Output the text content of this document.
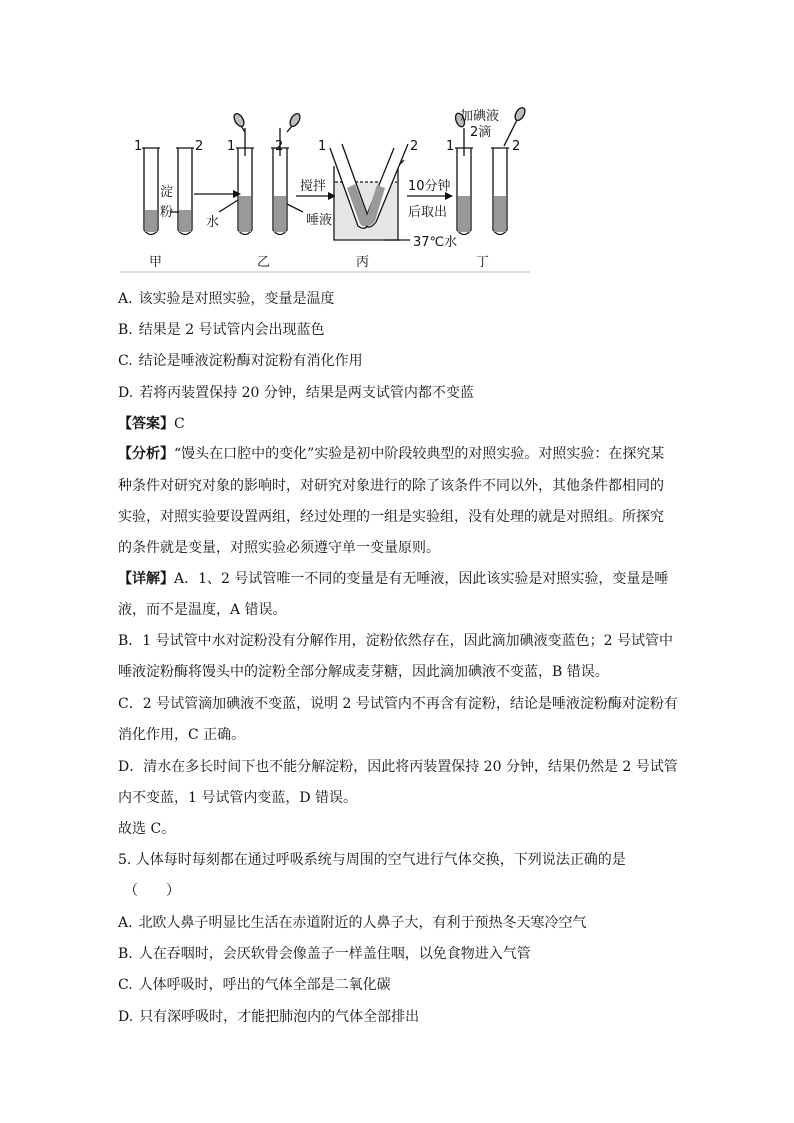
1	2
淀
粉
甲
1	2
水	唾液
乙
搅拌
1	2
37℃水
丙
10分钟
后取出
1	2
加碘液
2滴
丁
A. 该实验是对照实验，变量是温度
B. 结果是 2 号试管内会出现蓝色
C. 结论是唾液淀粉酶对淀粉有消化作用
D. 若将丙装置保持 20 分钟，结果是两支试管内都不变蓝
【答案】C
【分析】“馒头在口腔中的变化”实验是初中阶段较典型的对照实验。对照实验：在探究某
种条件对研究对象的影响时，对研究对象进行的除了该条件不同以外，其他条件都相同的
实验，对照实验要设置两组，经过处理的一组是实验组，没有处理的就是对照组。所探究
的条件就是变量，对照实验必须遵守单一变量原则。
【详解】A．1、2 号试管唯一不同的变量是有无唾液，因此该实验是对照实验，变量是唾
液，而不是温度，A 错误。
B．1 号试管中水对淀粉没有分解作用，淀粉依然存在，因此滴加碘液变蓝色；2 号试管中
唾液淀粉酶将馒头中的淀粉全部分解成麦芽糖，因此滴加碘液不变蓝，B 错误。
C．2 号试管滴加碘液不变蓝，说明 2 号试管内不再含有淀粉，结论是唾液淀粉酶对淀粉有
消化作用，C 正确。
D．清水在多长时间下也不能分解淀粉，因此将丙装置保持 20 分钟，结果仍然是 2 号试管
内不变蓝，1 号试管内变蓝，D 错误。
故选 C。
5. 人体每时每刻都在通过呼吸系统与周围的空气进行气体交换，下列说法正确的是
（　　）
A. 北欧人鼻子明显比生活在赤道附近的人鼻子大，有利于预热冬天寒冷空气
B. 人在吞咽时，会厌软骨会像盖子一样盖住咽，以免食物进入气管
C. 人体呼吸时，呼出的气体全部是二氧化碳
D. 只有深呼吸时，才能把肺泡内的气体全部排出
